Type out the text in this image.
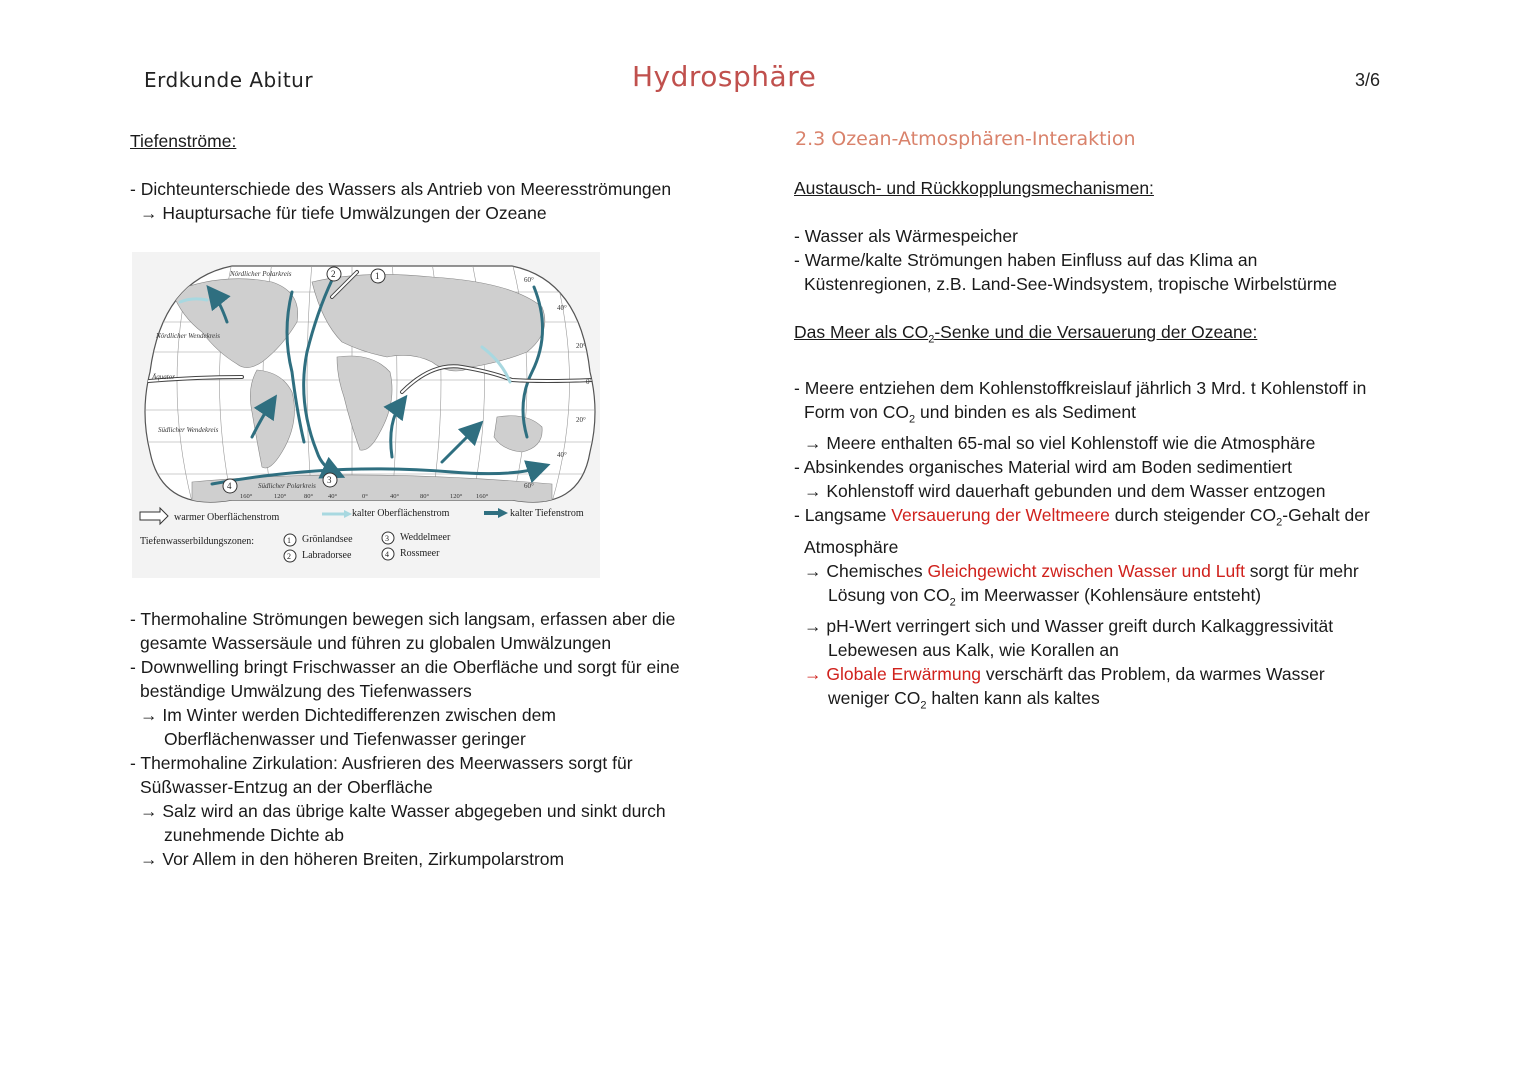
Erdkunde Abitur	Hydrosphäre	3/6

Tiefenströme:

- Dichteunterschiede des Wassers als Antrieb von Meeresströmungen

→ Hauptursache für tiefe Umwälzungen der Ozeane

60°
40°
20°
0°
20°
40°
60°
Nördlicher Polarkreis
Nördlicher Wendekreis
Äquator
Südlicher Wendekreis
Südlicher Polarkreis
160°	120°	80° 40°	0°	40°	80°	120° 160°
1
2
3
4
warmer Oberflächenstrom	kalter Oberflächenstrom	kalter Tiefenstrom
Tiefenwasserbildungszonen:	1 Grönlandsee
2 Labradorsee
3 Weddelmeer
4 Rossmeer

- Thermohaline Strömungen bewegen sich langsam, erfassen aber die

gesamte Wassersäule und führen zu globalen Umwälzungen

- Downwelling bringt Frischwasser an die Oberfläche und sorgt für eine

beständige Umwälzung des Tiefenwassers

→ Im Winter werden Dichtedifferenzen zwischen dem

Oberflächenwasser und Tiefenwasser geringer

- Thermohaline Zirkulation: Ausfrieren des Meerwassers sorgt für

Süßwasser-Entzug an der Oberfläche

→ Salz wird an das übrige kalte Wasser abgegeben und sinkt durch

zunehmende Dichte ab

→ Vor Allem in den höheren Breiten, Zirkumpolarstrom

2.3 Ozean-Atmosphären-Interaktion

Austausch- und Rückkopplungsmechanismen:

- Wasser als Wärmespeicher

- Warme/kalte Strömungen haben Einfluss auf das Klima an

Küstenregionen, z.B. Land-See-Windsystem, tropische Wirbelstürme

Das Meer als $CO_2$-Senke und die Versauerung der Ozeane:

- Meere entziehen dem Kohlenstoffkreislauf jährlich 3 Mrd. t Kohlenstoff in

Form von $CO_2$ und binden es als Sediment

→ Meere enthalten 65-mal so viel Kohlenstoff wie die Atmosphäre

- Absinkendes organisches Material wird am Boden sedimentiert

→ Kohlenstoff wird dauerhaft gebunden und dem Wasser entzogen

- Langsame Versauerung der Weltmeere durch steigender $CO_2$-Gehalt der

Atmosphäre

→ Chemisches Gleichgewicht zwischen Wasser und Luft sorgt für mehr

Lösung von $CO_2$ im Meerwasser (Kohlensäure entsteht)

→ pH-Wert verringert sich und Wasser greift durch Kalkaggressivität

Lebewesen aus Kalk, wie Korallen an

→ Globale Erwärmung verschärft das Problem, da warmes Wasser

weniger $CO_2$ halten kann als kaltes
